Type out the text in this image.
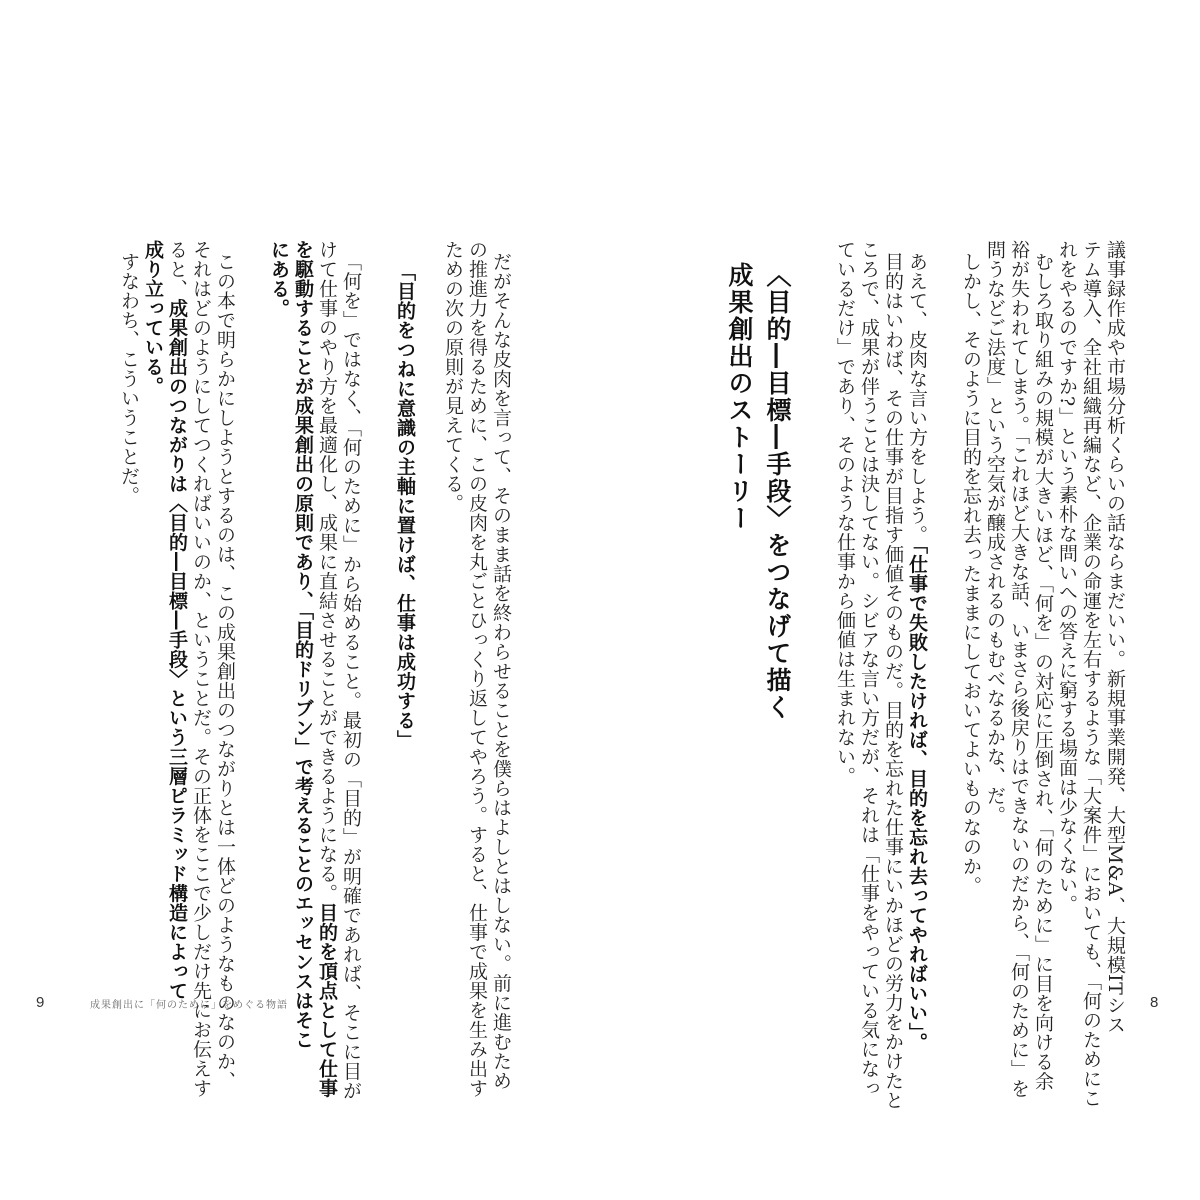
議事録作成や市場分析くらいの話ならまだいい。新規事業開発、大型M&A、大規模ITシス
テム導入、全社組織再編など、企業の命運を左右するような「大案件」においても、「何のためにこ
れをやるのですか?」という素朴な問いへの答えに窮する場面は少なくない。
むしろ取り組みの規模が大きいほど、「何を」の対応に圧倒され、「何のために」に目を向ける余
裕が失われてしまう。「これほど大きな話、いまさら後戻りはできないのだから、「何のために」を
問うなどご法度」という空気が醸成されるのもむべなるかな、だ。
しかし、そのように目的を忘れ去ったままにしておいてよいものなのか。
あえて、皮肉な言い方をしよう。「仕事で失敗したければ、目的を忘れ去ってやればいい」。
目的はいわば、その仕事が目指す価値そのものだ。目的を忘れた仕事にいかほどの労力をかけたと
ころで、成果が伴うことは決してない。シビアな言い方だが、それは「仕事をやっている気になっ
ているだけ」であり、そのような仕事から価値は生まれない。
〈目的―目標―手段〉をつなげて描く
成果創出のストーリー
8
だがそんな皮肉を言って、そのまま話を終わらせることを僕らはよしとはしない。前に進むため
の推進力を得るために、この皮肉を丸ごとひっくり返してやろう。すると、仕事で成果を生み出す
ための次の原則が見えてくる。
「目的をつねに意識の主軸に置けば、仕事は成功する」
「何を」ではなく、「何のために」から始めること。最初の「目的」が明確であれば、そこに目が
けて仕事のやり方を最適化し、成果に直結させることができるようになる。目的を頂点として仕事
を駆動することが成果創出の原則であり、「目的ドリブン」で考えることのエッセンスはそこ
にある。
この本で明らかにしようとするのは、この成果創出のつながりとは一体どのようなものなのか、
それはどのようにしてつくればいいのか、ということだ。その正体をここで少しだけ先にお伝えす
ると、成果創出のつながりは〈目的―目標―手段〉という三層ピラミッド構造によって
成り立っている。
すなわち、こういうことだ。
9	成果創出に「何のために」をめぐる物語
